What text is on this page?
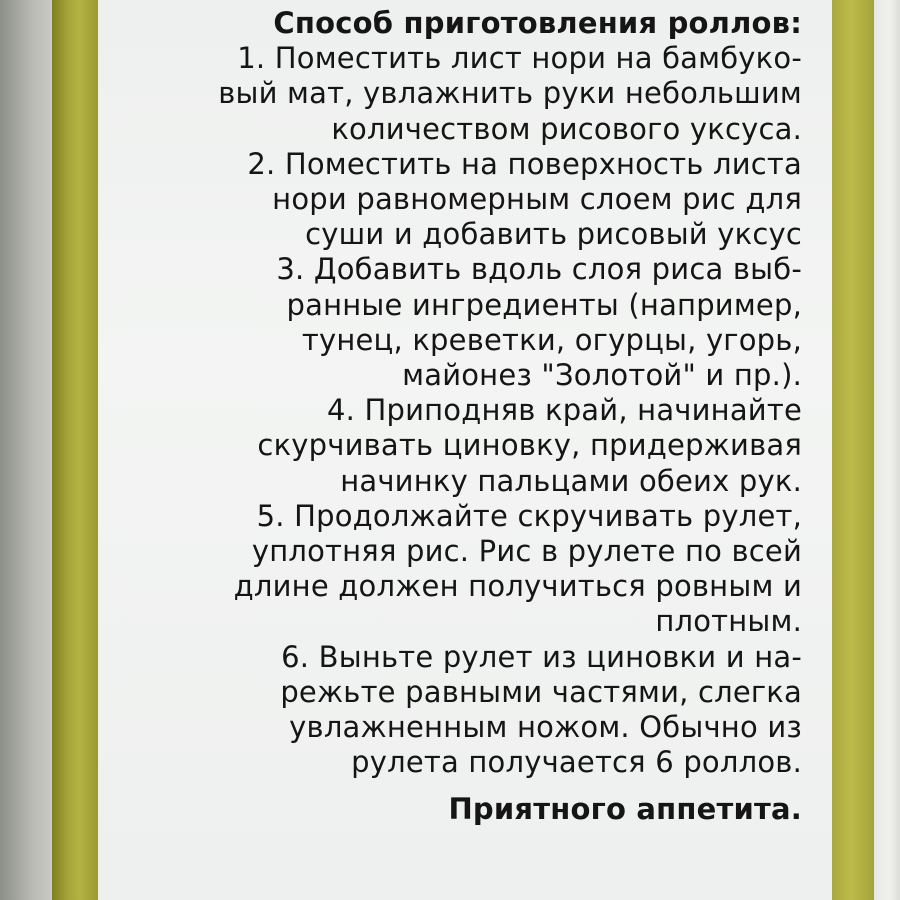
Способ приготовления роллов:
1. Поместить лист нори на бамбуко-
вый мат, увлажнить руки небольшим
количеством рисового уксуса.
2. Поместить на поверхность листа
нори равномерным слоем рис для
суши и добавить рисовый уксус
3. Добавить вдоль слоя риса выб-
ранные ингредиенты (например,
тунец, креветки, огурцы, угорь,
майонез "Золотой" и пр.).
4. Приподняв край, начинайте
скурчивать циновку, придерживая
начинку пальцами обеих рук.
5. Продолжайте скручивать рулет,
уплотняя рис. Рис в рулете по всей
длине должен получиться ровным и
плотным.
6. Выньте рулет из циновки и на-
режьте равными частями, слегка
увлажненным ножом. Обычно из
рулета получается 6 роллов.
Приятного аппетита.
